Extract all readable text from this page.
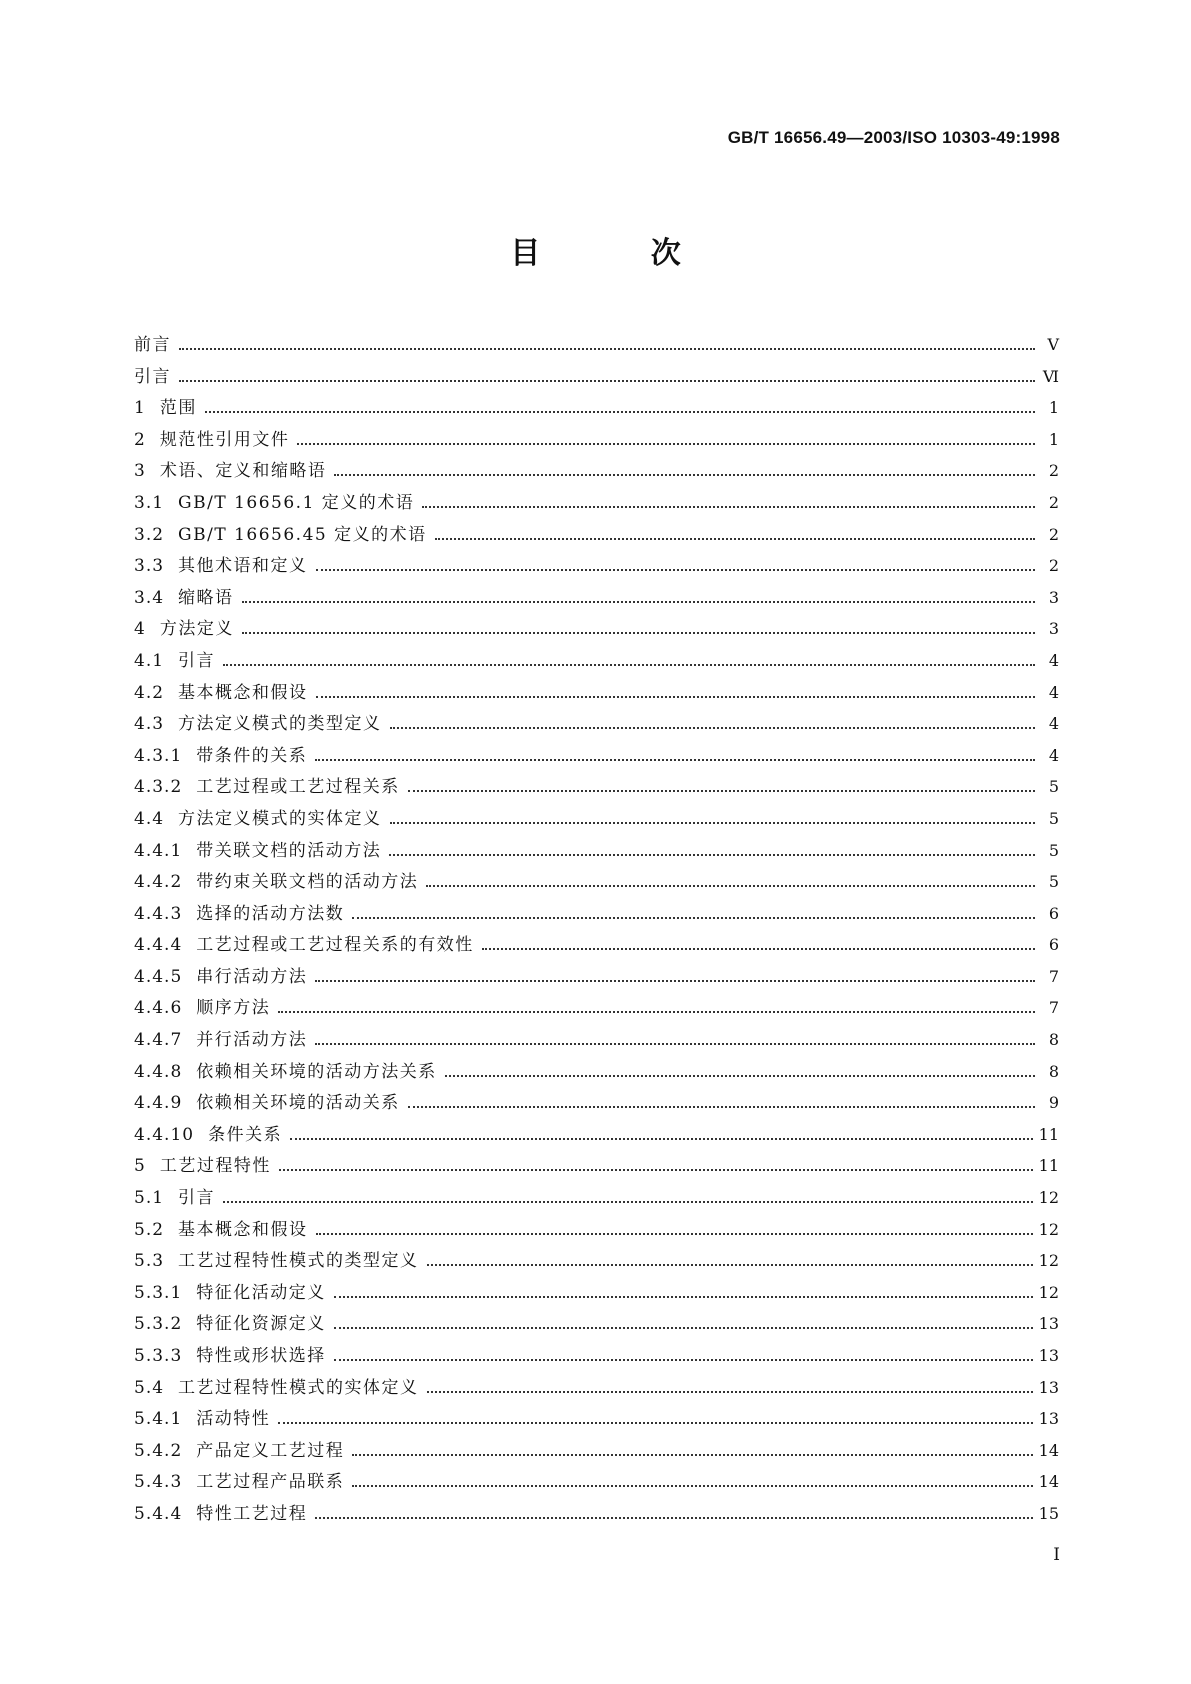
GB/T 16656.49—2003/ISO 10303-49:1998
目 次
前言	Ⅴ
引言	Ⅵ
1 范围	1
2 规范性引用文件	1
3 术语、定义和缩略语	2
3.1 GB/T 16656.1 定义的术语	2
3.2 GB/T 16656.45 定义的术语	2
3.3 其他术语和定义	2
3.4 缩略语	3
4 方法定义	3
4.1 引言	4
4.2 基本概念和假设	4
4.3 方法定义模式的类型定义	4
4.3.1 带条件的关系	4
4.3.2 工艺过程或工艺过程关系	5
4.4 方法定义模式的实体定义	5
4.4.1 带关联文档的活动方法	5
4.4.2 带约束关联文档的活动方法	5
4.4.3 选择的活动方法数	6
4.4.4 工艺过程或工艺过程关系的有效性	6
4.4.5 串行活动方法	7
4.4.6 顺序方法	7
4.4.7 并行活动方法	8
4.4.8 依赖相关环境的活动方法关系	8
4.4.9 依赖相关环境的活动关系	9
4.4.10 条件关系	11
5 工艺过程特性	11
5.1 引言	12
5.2 基本概念和假设	12
5.3 工艺过程特性模式的类型定义	12
5.3.1 特征化活动定义	12
5.3.2 特征化资源定义	13
5.3.3 特性或形状选择	13
5.4 工艺过程特性模式的实体定义	13
5.4.1 活动特性	13
5.4.2 产品定义工艺过程	14
5.4.3 工艺过程产品联系	14
5.4.4 特性工艺过程	15
Ⅰ
